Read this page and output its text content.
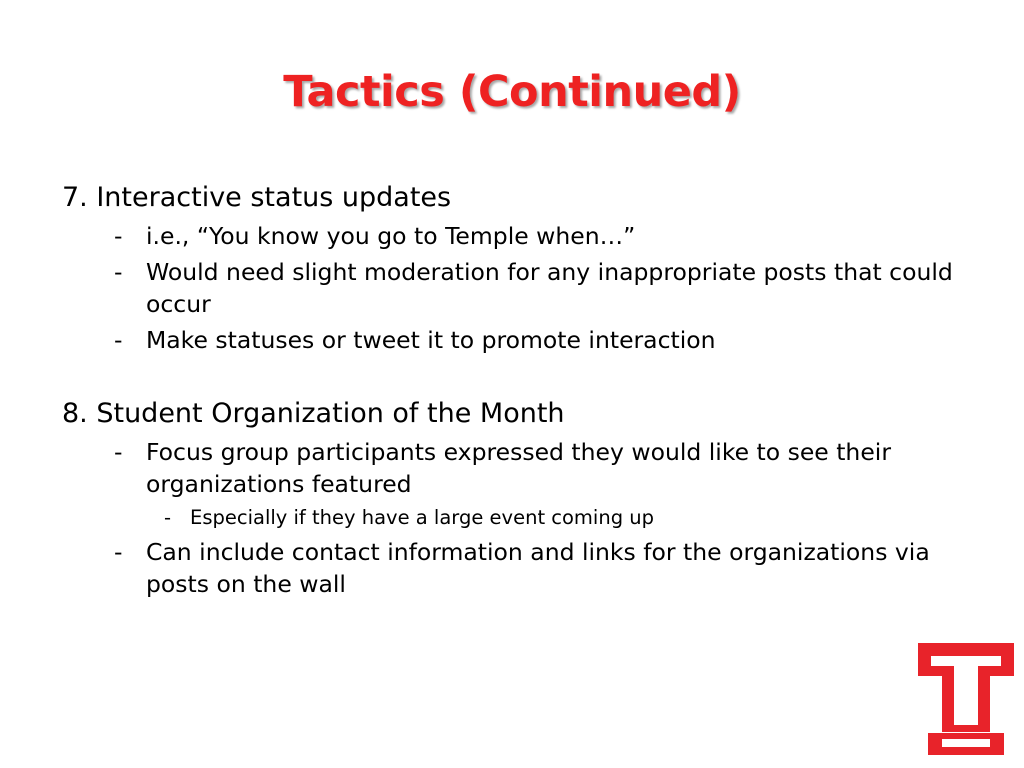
Tactics (Continued)
7. Interactive status updates
- i.e., “You know you go to Temple when…”
- Would need slight moderation for any inappropriate posts that could occur
- Make statuses or tweet it to promote interaction
8. Student Organization of the Month
- Focus group participants expressed they would like to see their organizations featured
- Especially if they have a large event coming up
- Can include contact information and links for the organizations via posts on the wall
